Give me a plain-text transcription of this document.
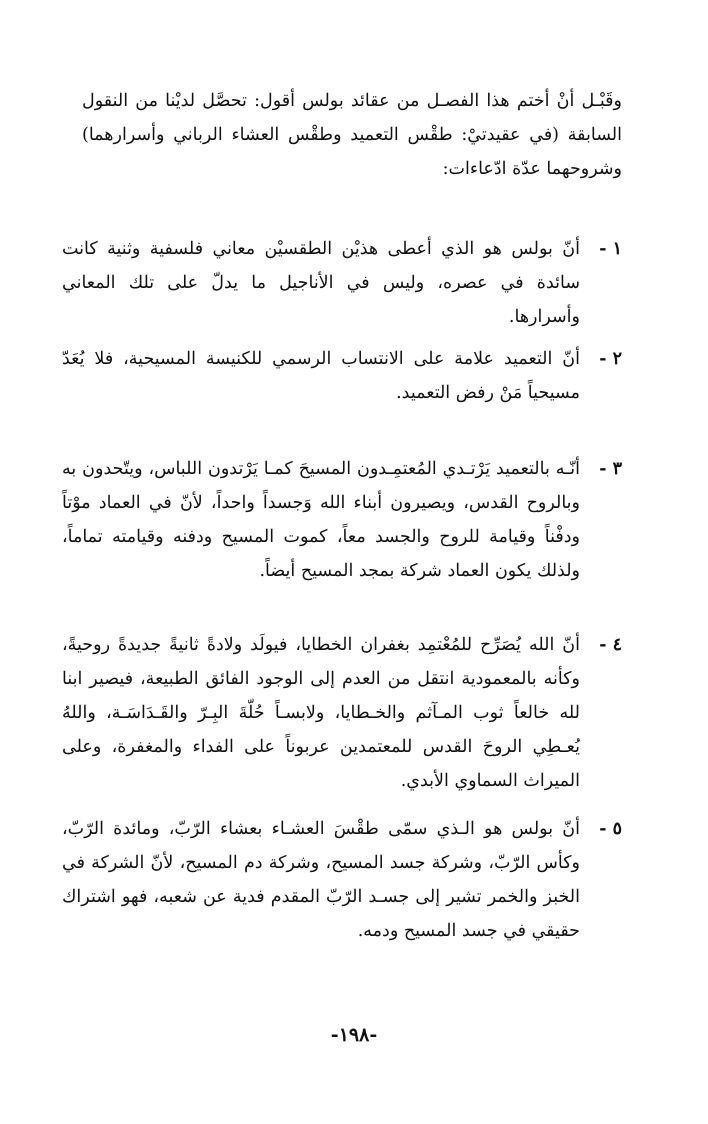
وقَبْـل أنْ أختم هذا الفصـل من عقائد بولس أقول: تحصَّل لديْنا من النقول السابقة (في عقيدتيْ: طقْس التعميد وطقْس العشاء الرباني وأسرارهما) وشروحهما عدّة ادّعاءات:

١ -
أنّ بولس هو الذي أعطى هذيْن الطقسيْن معاني فلسفية وثنية كانت سائدة في عصره، وليس في الأناجيل ما يدلّ على تلك المعاني وأسرارها.
٢ -
أنّ التعميد علامة على الانتساب الرسمي للكنيسة المسيحية، فلا يُعَدّ مسيحياً مَنْ رفض التعميد.
٣ -
أنّـه بالتعميد يَرْتـدي المُعتمِـدون المسيحَ كمـا يَرْتدون اللباس، ويتّحدون به وبالروح القدس، ويصيرون أبناء الله وَجسداً واحداً، لأنّ في العماد موْتاً ودفْناً وقيامة للروح والجسد معاً، كموت المسيح ودفنه وقيامته تماماً، ولذلك يكون العماد شركة بمجد المسيح أيضاً.
٤ -
أنّ الله يُصَرِّح للمُعْتمِد بغفران الخطايا، فيولَد ولادةً ثانيةً جديدةً روحيةً، وكأنه بالمعمودية انتقل من العدم إلى الوجود الفائق الطبيعة، فيصير ابنا لله خالعاً ثوب المـآثم والخـطايا، ولابسـاً حُلّةَ البِـرّ والقَـدَاسَـة، واللهُ يُعـطِي الروحَ القدس للمعتمدين عربوناً على الفداء والمغفرة، وعلى الميراث السماوي الأبدي.
٥ -
أنّ بولس هو الـذي سمّى طقْسَ العشـاء بعشاء الرّبّ، ومائدة الرّبّ، وكأس الرّبّ، وشركة جسد المسيح، وشركة دم المسيح، لأنّ الشركة في الخبز والخمر تشير إلى جسـد الرّبّ المقدم فدية عن شعبه، فهو اشتراك حقيقي في جسد المسيح ودمه.
-١٩٨-
